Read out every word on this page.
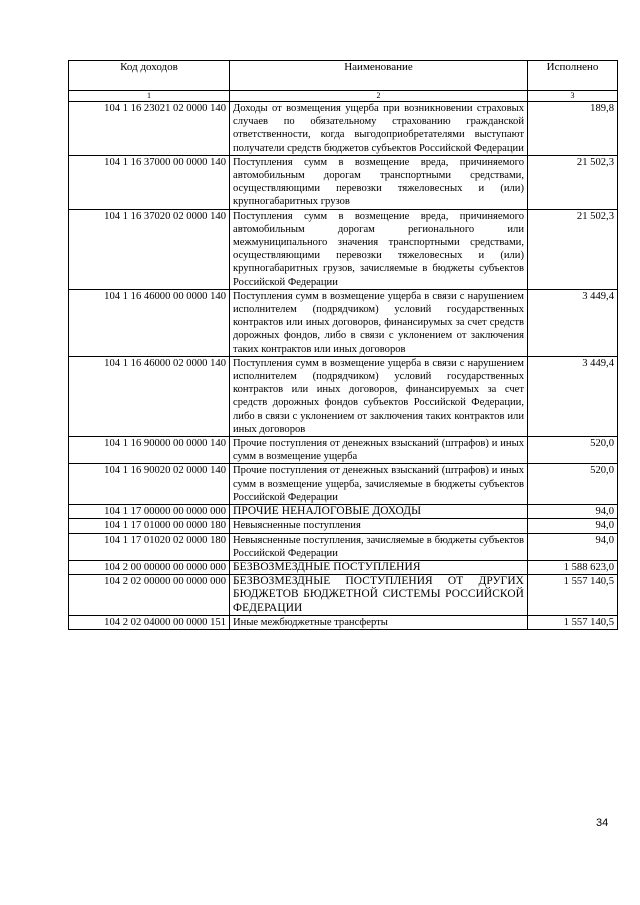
Код доходов	Наименование	Исполнено
1	2	3
104 1 16 23021 02 0000 140	Доходы от возмещения ущерба при возникновении страховых случаев по обязательному страхованию гражданской ответственности, когда выгодоприобретателями выступают получатели средств бюджетов субъектов Российской Федерации	189,8
104 1 16 37000 00 0000 140	Поступления сумм в возмещение вреда, причиняемого автомобильным дорогам транспортными средствами, осуществляющими перевозки тяжеловесных и (или) крупногабаритных грузов	21 502,3
104 1 16 37020 02 0000 140	Поступления сумм в возмещение вреда, причиняемого автомобильным дорогам регионального или межмуниципального значения транспортными средствами, осуществляющими перевозки тяжеловесных и (или) крупногабаритных грузов, зачисляемые в бюджеты субъектов Российской Федерации	21 502,3
104 1 16 46000 00 0000 140	Поступления сумм в возмещение ущерба в связи с нарушением исполнителем (подрядчиком) условий государственных контрактов или иных договоров, финансирумых за счет средств дорожных фондов, либо в связи с уклонением от заключения таких контрактов или иных договоров	3 449,4
104 1 16 46000 02 0000 140	Поступления сумм в возмещение ущерба в связи с нарушением исполнителем (подрядчиком) условий государственных контрактов или иных договоров, финансируемых за счет средств дорожных фондов субъектов Российской Федерации, либо в связи с уклонением от заключения таких контрактов или иных договоров	3 449,4
104 1 16 90000 00 0000 140	Прочие поступления от денежных взысканий (штрафов) и иных сумм в возмещение ущерба	520,0
104 1 16 90020 02 0000 140	Прочие поступления от денежных взысканий (штрафов) и иных сумм в возмещение ущерба, зачисляемые в бюджеты субъектов Российской Федерации	520,0
104 1 17 00000 00 0000 000	ПРОЧИЕ НЕНАЛОГОВЫЕ ДОХОДЫ	94,0
104 1 17 01000 00 0000 180	Невыясненные поступления	94,0
104 1 17 01020 02 0000 180	Невыясненные поступления, зачисляемые в бюджеты субъектов Российской Федерации	94,0
104 2 00 00000 00 0000 000	БЕЗВОЗМЕЗДНЫЕ ПОСТУПЛЕНИЯ	1 588 623,0
104 2 02 00000 00 0000 000	БЕЗВОЗМЕЗДНЫЕ ПОСТУПЛЕНИЯ ОТ ДРУГИХ БЮДЖЕТОВ БЮДЖЕТНОЙ СИСТЕМЫ РОССИЙСКОЙ ФЕДЕРАЦИИ	1 557 140,5
104 2 02 04000 00 0000 151	Иные межбюджетные трансферты	1 557 140,5
34
